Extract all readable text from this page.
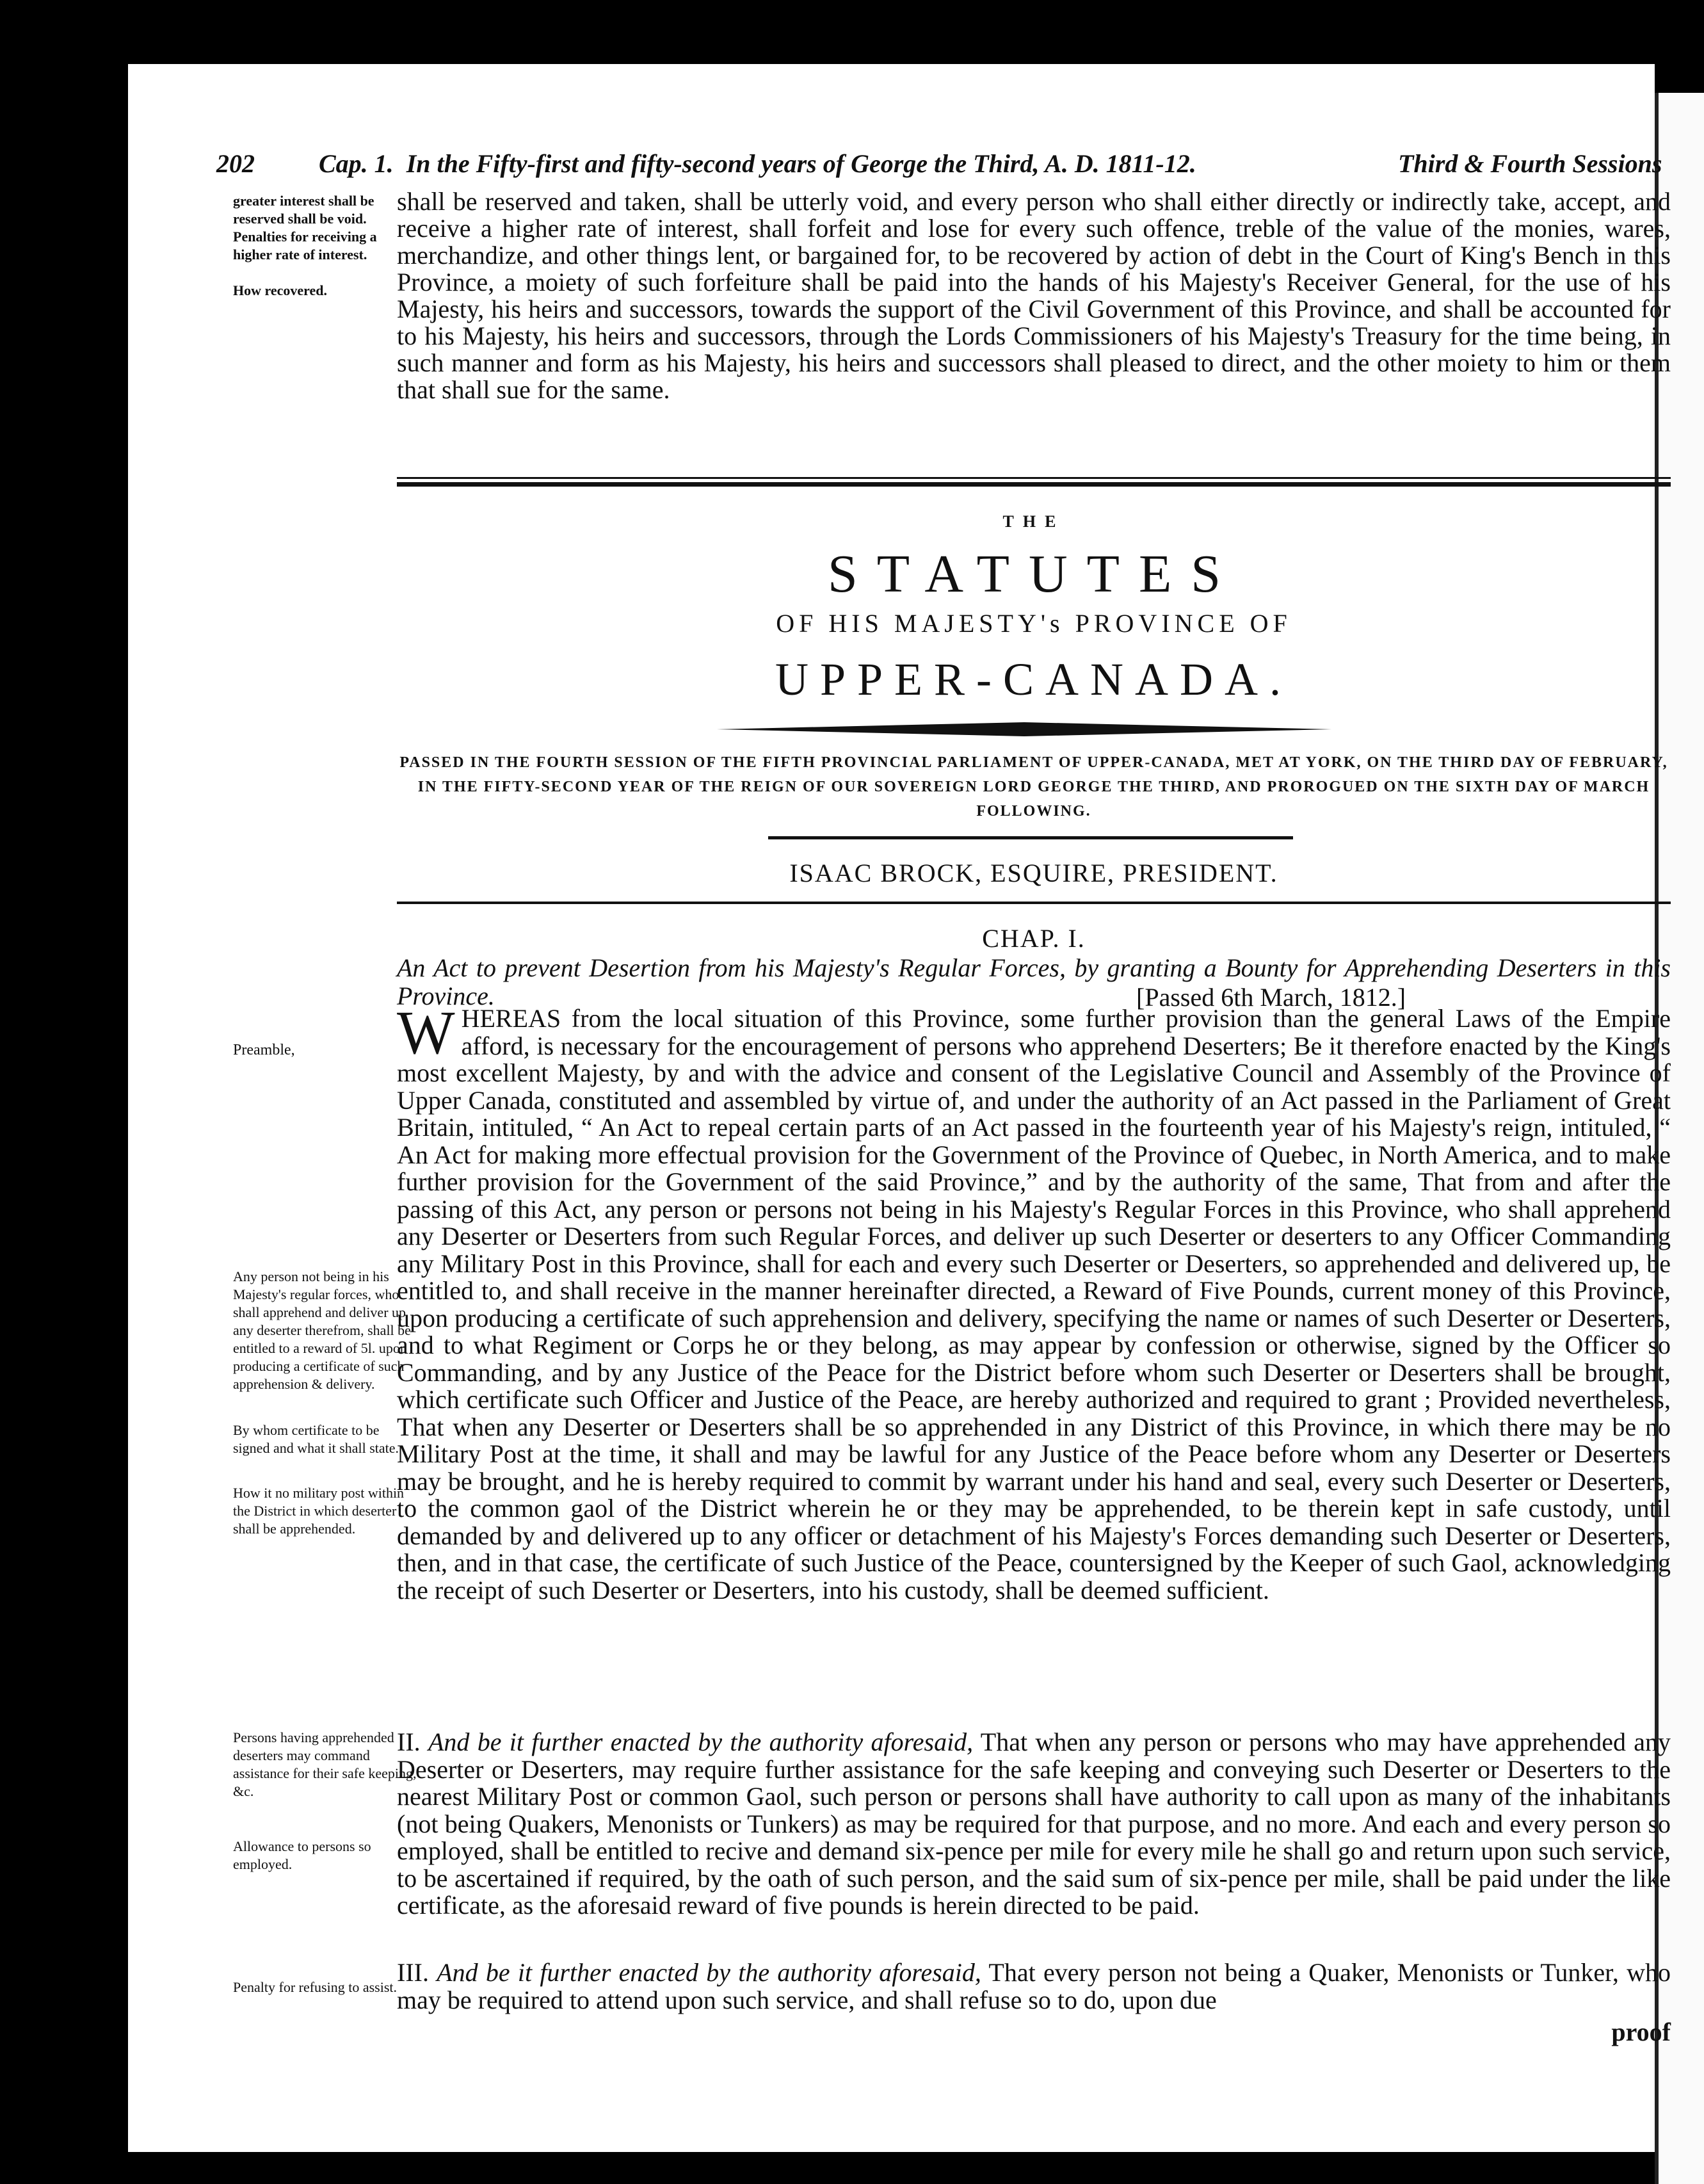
202	Cap. 1. In the Fifty-first and fifty-second years of George the Third, A. D. 1811-12.	Third & Fourth Sessions
greater interest shall be reserved shall be void.
Penalties for receiving a higher rate of interest.
How recovered.
shall be reserved and taken, shall be utterly void, and every person who shall either directly or indirectly take, accept, and receive a higher rate of interest, shall forfeit and lose for every such offence, treble of the value of the monies, wares, merchandize, and other things lent, or bargained for, to be recovered by action of debt in the Court of King's Bench in this Province, a moiety of such forfeiture shall be paid into the hands of his Majesty's Receiver General, for the use of his Majesty, his heirs and successors, towards the support of the Civil Government of this Province, and shall be accounted for to his Majesty, his heirs and successors, through the Lords Commissioners of his Majesty's Treasury for the time being, in such manner and form as his Majesty, his heirs and successors shall pleased to direct, and the other moiety to him or them that shall sue for the same.
THE
STATUTES
OF HIS MAJESTY's PROVINCE OF
UPPER-CANADA.
PASSED IN THE FOURTH SESSION OF THE FIFTH PROVINCIAL PARLIAMENT OF UPPER-CANADA, MET AT YORK, ON THE THIRD DAY OF FEBRUARY, IN THE FIFTY-SECOND YEAR OF THE REIGN OF OUR SOVEREIGN LORD GEORGE THE THIRD, AND PROROGUED ON THE SIXTH DAY OF MARCH FOLLOWING.
ISAAC BROCK, ESQUIRE, PRESIDENT.
CHAP. I.
An Act to prevent Desertion from his Majesty's Regular Forces, by granting a Bounty for Apprehending Deserters in this Province.	[Passed 6th March, 1812.]
Preamble,	WHEREAS from the local situation of this Province, some further provision than the general Laws of the Empire afford, is necessary for the encouragement of persons who apprehend Deserters; Be it therefore enacted by the King's most excellent Majesty, by and with the advice and consent of the Legislative Council and Assembly of the Province of Upper Canada, constituted and assembled by virtue of, and under the authority of an Act passed in the Parliament of Great Britain, intituled, “ An Act to repeal certain parts of an Act passed in the fourteenth year of his Majesty's reign, intituled, “ An Act for making more effectual provision for the Government of the Province of Quebec, in North America, and to make further provision for the Government of the said Province,” and by the authority of the same, That from and after the passing of this Act, any person or persons not being in his Majesty's Regular Forces in this Province, who shall apprehend any Deserter or Deserters from such Regular Forces, and deliver up such Deserter or deserters to any Officer Commanding any Military Post in this Province, shall for each and every such Deserter or Deserters, so apprehended and delivered up, be entitled to, and shall receive in the manner hereinafter directed, a Reward of Five Pounds, current money of this Province, upon producing a certificate of such apprehension and delivery, specifying the name or names of such Deserter or Deserters, and to what Regiment or Corps he or they belong, as may appear by confession or otherwise, signed by the Officer so Commanding, and by any Justice of the Peace for the District before whom such Deserter or Deserters shall be brought, which certificate such Officer and Justice of the Peace, are hereby authorized and required to grant ; Provided nevertheless, That when any Deserter or Deserters shall be so apprehended in any District of this Province, in which there may be no Military Post at the time, it shall and may be lawful for any Justice of the Peace before whom any Deserter or Deserters may be brought, and he is hereby required to commit by warrant under his hand and seal, every such Deserter or Deserters, to the common gaol of the District wherein he or they may be apprehended, to be therein kept in safe custody, until demanded by and delivered up to any officer or detachment of his Majesty's Forces demanding such Deserter or Deserters, then, and in that case, the certificate of such Justice of the Peace, countersigned by the Keeper of such Gaol, acknowledging the receipt of such Deserter or Deserters, into his custody, shall be deemed sufficient.
Any person not being in his Majesty's regular forces, who shall apprehend and deliver up any deserter therefrom, shall be entitled to a reward of 5l. upon producing a certificate of such apprehension & delivery.
By whom certificate to be signed and what it shall state.
How it no military post within the District in which deserter shall be apprehended.
II. And be it further enacted by the authority aforesaid, That when any person or persons who may have apprehended any Deserter or Deserters, may require further assistance for the safe keeping and conveying such Deserter or Deserters to the nearest Military Post or common Gaol, such person or persons shall have authority to call upon as many of the inhabitants (not being Quakers, Menonists or Tunkers) as may be required for that purpose, and no more. And each and every person so employed, shall be entitled to recive and demand six-pence per mile for every mile he shall go and return upon such service, to be ascertained if required, by the oath of such person, and the said sum of six-pence per mile, shall be paid under the like certificate, as the aforesaid reward of five pounds is herein directed to be paid.
Persons having apprehended deserters may command assistance for their safe keeping, &c.
Allowance to persons so employed.
III. And be it further enacted by the authority aforesaid, That every person not being a Quaker, Menonists or Tunker, who may be required to attend upon such service, and shall refuse so to do, upon due
Penalty for refusing to assist.
proof
